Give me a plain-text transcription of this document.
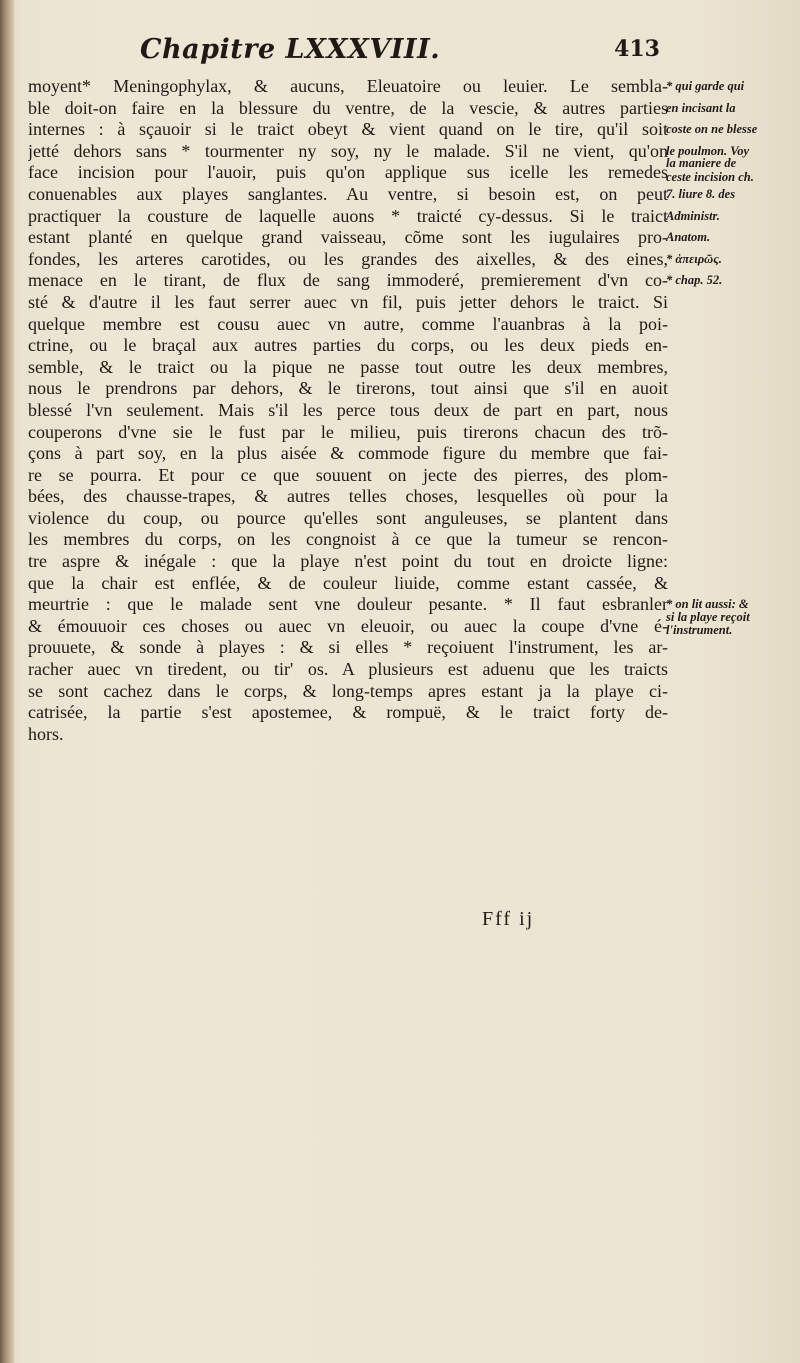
Chapitre LXXXVIII.	413
moyent* Meningophylax, & aucuns, Eleuatoire ou leuier. Le sembla-
ble doit-on faire en la blessure du ventre, de la vescie, & autres parties
internes : à sçauoir si le traict obeyt & vient quand on le tire, qu'il soit
jetté dehors sans * tourmenter ny soy, ny le malade. S'il ne vient, qu'on
face incision pour l'auoir, puis qu'on applique sus icelle les remedes
conuenables aux playes sanglantes. Au ventre, si besoin est, on peut
practiquer la cousture de laquelle auons * traicté cy-dessus. Si le traict
estant planté en quelque grand vaisseau, cõme sont les iugulaires pro-
fondes, les arteres carotides, ou les grandes des aixelles, & des eines,
menace en le tirant, de flux de sang immoderé, premierement d'vn co-
sté & d'autre il les faut serrer auec vn fil, puis jetter dehors le traict. Si
quelque membre est cousu auec vn autre, comme l'auanbras à la poi-
ctrine, ou le braçal aux autres parties du corps, ou les deux pieds en-
semble, & le traict ou la pique ne passe tout outre les deux membres,
nous le prendrons par dehors, & le tirerons, tout ainsi que s'il en auoit
blessé l'vn seulement. Mais s'il les perce tous deux de part en part, nous
couperons d'vne sie le fust par le milieu, puis tirerons chacun des trõ-
çons à part soy, en la plus aisée & commode figure du membre que fai-
re se pourra. Et pour ce que souuent on jecte des pierres, des plom-
bées, des chausse-trapes, & autres telles choses, lesquelles où pour la
violence du coup, ou pource qu'elles sont anguleuses, se plantent dans
les membres du corps, on les congnoist à ce que la tumeur se rencon-
tre aspre & inégale : que la playe n'est point du tout en droicte ligne:
que la chair est enflée, & de couleur liuide, comme estant cassée, &
meurtrie : que le malade sent vne douleur pesante. * Il faut esbranler
& émouuoir ces choses ou auec vn eleuoir, ou auec la coupe d'vne é-
prouuete, & sonde à playes : & si elles * reçoiuent l'instrument, les ar-
racher auec vn tiredent, ou tir' os. A plusieurs est aduenu que les traicts
se sont cachez dans le corps, & long-temps apres estant ja la playe ci-
catrisée, la partie s'est apostemee, & rompuë, & le traict forty de-
hors.
* qui garde qui
en incisant la
coste on ne blesse
le poulmon. Voy
la maniere de
ceste incision ch.
7. liure 8. des
Administr.
Anatom.
* ἀπειρῶς.
* chap. 52.
* on lit aussi: &
si la playe reçoit
l'instrument.
Fff ij
